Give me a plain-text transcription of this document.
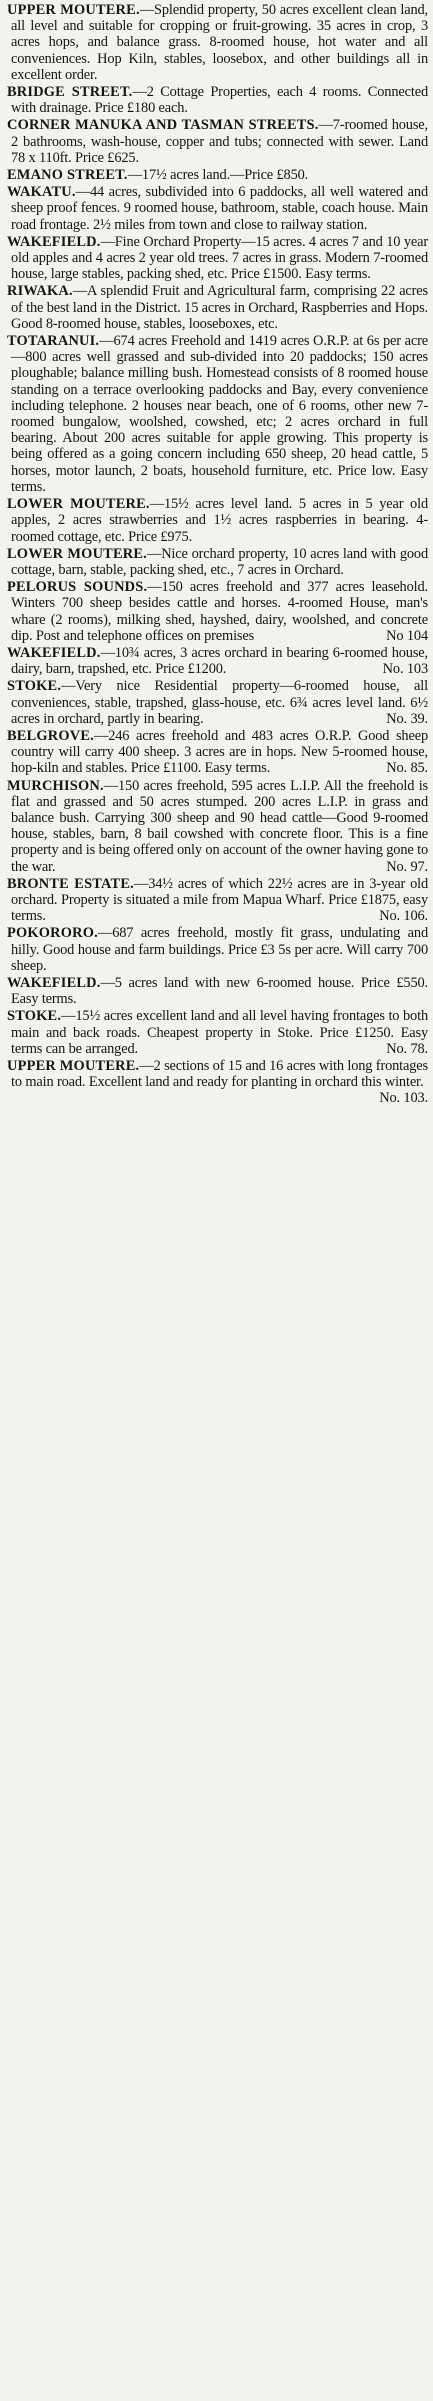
UPPER MOUTERE.—Splendid property, 50 acres excellent clean land, all level and suitable for cropping or fruit-growing. 35 acres in crop, 3 acres hops, and balance grass. 8-roomed house, hot water and all conveniences. Hop Kiln, stables, loosebox, and other buildings all in excellent order.

BRIDGE STREET.—2 Cottage Properties, each 4 rooms. Connected with drainage. Price £180 each.

CORNER MANUKA AND TASMAN STREETS.—7-roomed house, 2 bathrooms, wash-house, copper and tubs; connected with sewer. Land 78 x 110ft. Price £625.

EMANO STREET.—17½ acres land.—Price £850.

WAKATU.—44 acres, subdivided into 6 paddocks, all well watered and sheep proof fences. 9 roomed house, bathroom, stable, coach house. Main road frontage. 2½ miles from town and close to railway station.

WAKEFIELD.—Fine Orchard Property—15 acres. 4 acres 7 and 10 year old apples and 4 acres 2 year old trees. 7 acres in grass. Modern 7-roomed house, large stables, packing shed, etc. Price £1500. Easy terms.

RIWAKA.—A splendid Fruit and Agricultural farm, comprising 22 acres of the best land in the District. 15 acres in Orchard, Raspberries and Hops. Good 8-roomed house, stables, looseboxes, etc.

TOTARANUI.—674 acres Freehold and 1419 acres O.R.P. at 6s per acre—800 acres well grassed and sub-divided into 20 paddocks; 150 acres ploughable; balance milling bush. Homestead consists of 8 roomed house standing on a terrace overlooking paddocks and Bay, every convenience including telephone. 2 houses near beach, one of 6 rooms, other new 7-roomed bungalow, woolshed, cowshed, etc; 2 acres orchard in full bearing. About 200 acres suitable for apple growing. This property is being offered as a going concern including 650 sheep, 20 head cattle, 5 horses, motor launch, 2 boats, household furniture, etc. Price low. Easy terms.

LOWER MOUTERE.—15½ acres level land. 5 acres in 5 year old apples, 2 acres strawberries and 1½ acres raspberries in bearing. 4-roomed cottage, etc. Price £975.

LOWER MOUTERE.—Nice orchard property, 10 acres land with good cottage, barn, stable, packing shed, etc., 7 acres in Orchard.

PELORUS SOUNDS.—150 acres freehold and 377 acres leasehold. Winters 700 sheep besides cattle and horses. 4-roomed House, man's whare (2 rooms), milking shed, hayshed, dairy, woolshed, and concrete dip. Post and telephone offices on premises	No 104

WAKEFIELD.—10¾ acres, 3 acres orchard in bearing 6-roomed house, dairy, barn, trapshed, etc. Price £1200.	No. 103

STOKE.—Very nice Residential property—6-roomed house, all conveniences, stable, trapshed, glass-house, etc. 6¾ acres level land. 6½ acres in orchard, partly in bearing.	No. 39.

BELGROVE.—246 acres freehold and 483 acres O.R.P. Good sheep country will carry 400 sheep. 3 acres are in hops. New 5-roomed house, hop-kiln and stables. Price £1100. Easy terms.	No. 85.

MURCHISON.—150 acres freehold, 595 acres L.I.P. All the freehold is flat and grassed and 50 acres stumped. 200 acres L.I.P. in grass and balance bush. Carrying 300 sheep and 90 head cattle—Good 9-roomed house, stables, barn, 8 bail cowshed with concrete floor. This is a fine property and is being offered only on account of the owner having gone to the war.	No. 97.

BRONTE ESTATE.—34½ acres of which 22½ acres are in 3-year old orchard. Property is situated a mile from Mapua Wharf. Price £1875, easy terms.	No. 106.

POKORORO.—687 acres freehold, mostly fit grass, undulating and hilly. Good house and farm buildings. Price £3 5s per acre. Will carry 700 sheep.

WAKEFIELD.—5 acres land with new 6-roomed house. Price £550. Easy terms.

STOKE.—15½ acres excellent land and all level having frontages to both main and back roads. Cheapest property in Stoke. Price £1250. Easy terms can be arranged.	No. 78.

UPPER MOUTERE.—2 sections of 15 and 16 acres with long frontages to main road. Excellent land and ready for planting in orchard this winter.
No. 103.
